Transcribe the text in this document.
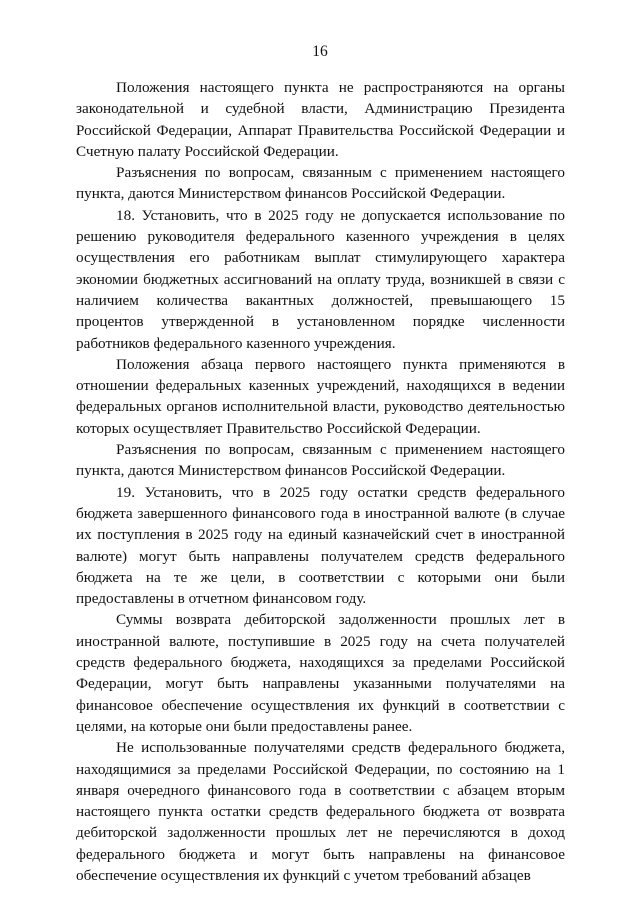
16

Положения настоящего пункта не распространяются на органы законодательной и судебной власти, Администрацию Президента Российской Федерации, Аппарат Правительства Российской Федерации и Счетную палату Российской Федерации.

Разъяснения по вопросам, связанным с применением настоящего пункта, даются Министерством финансов Российской Федерации.

18. Установить, что в 2025 году не допускается использование по решению руководителя федерального казенного учреждения в целях осуществления его работникам выплат стимулирующего характера экономии бюджетных ассигнований на оплату труда, возникшей в связи с наличием количества вакантных должностей, превышающего 15 процентов утвержденной в установленном порядке численности работников федерального казенного учреждения.

Положения абзаца первого настоящего пункта применяются в отношении федеральных казенных учреждений, находящихся в ведении федеральных органов исполнительной власти, руководство деятельностью которых осуществляет Правительство Российской Федерации.

Разъяснения по вопросам, связанным с применением настоящего пункта, даются Министерством финансов Российской Федерации.

19. Установить, что в 2025 году остатки средств федерального бюджета завершенного финансового года в иностранной валюте (в случае их поступления в 2025 году на единый казначейский счет в иностранной валюте) могут быть направлены получателем средств федерального бюджета на те же цели, в соответствии с которыми они были предоставлены в отчетном финансовом году.

Суммы возврата дебиторской задолженности прошлых лет в иностранной валюте, поступившие в 2025 году на счета получателей средств федерального бюджета, находящихся за пределами Российской Федерации, могут быть направлены указанными получателями на финансовое обеспечение осуществления их функций в соответствии с целями, на которые они были предоставлены ранее.

Не использованные получателями средств федерального бюджета, находящимися за пределами Российской Федерации, по состоянию на 1 января очередного финансового года в соответствии с абзацем вторым настоящего пункта остатки средств федерального бюджета от возврата дебиторской задолженности прошлых лет не перечисляются в доход федерального бюджета и могут быть направлены на финансовое обеспечение осуществления их функций с учетом требований абзацев
